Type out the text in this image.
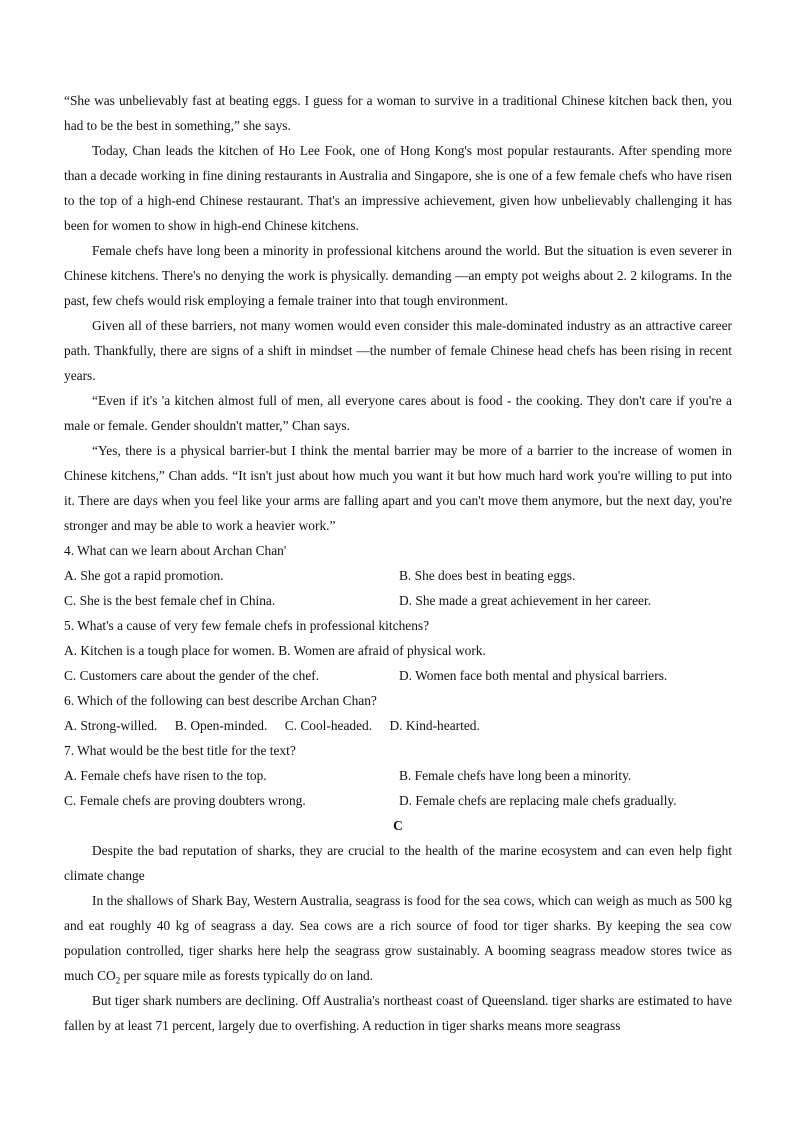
“She was unbelievably fast at beating eggs. I guess for a woman to survive in a traditional Chinese kitchen back then, you had to be the best in something,” she says.

Today, Chan leads the kitchen of Ho Lee Fook, one of Hong Kong's most popular restaurants. After spending more than a decade working in fine dining restaurants in Australia and Singapore, she is one of a few female chefs who have risen to the top of a high-end Chinese restaurant. That's an impressive achievement, given how unbelievably challenging it has been for women to show in high-end Chinese kitchens.

Female chefs have long been a minority in professional kitchens around the world. But the situation is even severer in Chinese kitchens. There's no denying the work is physically. demanding —an empty pot weighs about 2. 2 kilograms. In the past, few chefs would risk employing a female trainer into that tough environment.

Given all of these barriers, not many women would even consider this male-dominated industry as an attractive career path. Thankfully, there are signs of a shift in mindset —the number of female Chinese head chefs has been rising in recent years.

“Even if it's 'a kitchen almost full of men, all everyone cares about is food - the cooking. They don't care if you're a male or female. Gender shouldn't matter,” Chan says.

“Yes, there is a physical barrier-but I think the mental barrier may be more of a barrier to the increase of women in Chinese kitchens,” Chan adds. “It isn't just about how much you want it but how much hard work you're willing to put into it. There are days when you feel like your arms are falling apart and you can't move them anymore, but the next day, you're stronger and may be able to work a heavier work.”

4. What can we learn about Archan Chan'

A. She got a rapid promotion.	B. She does best in beating eggs.
C. She is the best female chef in China.	D. She made a great achievement in her career.

5. What's a cause of very few female chefs in professional kitchens?

A. Kitchen is a tough place for women. B. Women are afraid of physical work.
C. Customers care about the gender of the chef.	D. Women face both mental and physical barriers.

6. Which of the following can best describe Archan Chan?

A. Strong-willed. B. Open-minded. C. Cool-headed. D. Kind-hearted.

7. What would be the best title for the text?

A. Female chefs have risen to the top.	B. Female chefs have long been a minority.
C. Female chefs are proving doubters wrong.	D. Female chefs are replacing male chefs gradually.

C

Despite the bad reputation of sharks, they are crucial to the health of the marine ecosystem and can even help fight climate change

In the shallows of Shark Bay, Western Australia, seagrass is food for the sea cows, which can weigh as much as 500 kg and eat roughly 40 kg of seagrass a day. Sea cows are a rich source of food tor tiger sharks. By keeping the sea cow population controlled, tiger sharks here help the seagrass grow sustainably. A booming seagrass meadow stores twice as much $CO_2$ per square mile as forests typically do on land.

But tiger shark numbers are declining. Off Australia's northeast coast of Queensland. tiger sharks are estimated to have fallen by at least 71 percent, largely due to overfishing. A reduction in tiger sharks means more seagrass
